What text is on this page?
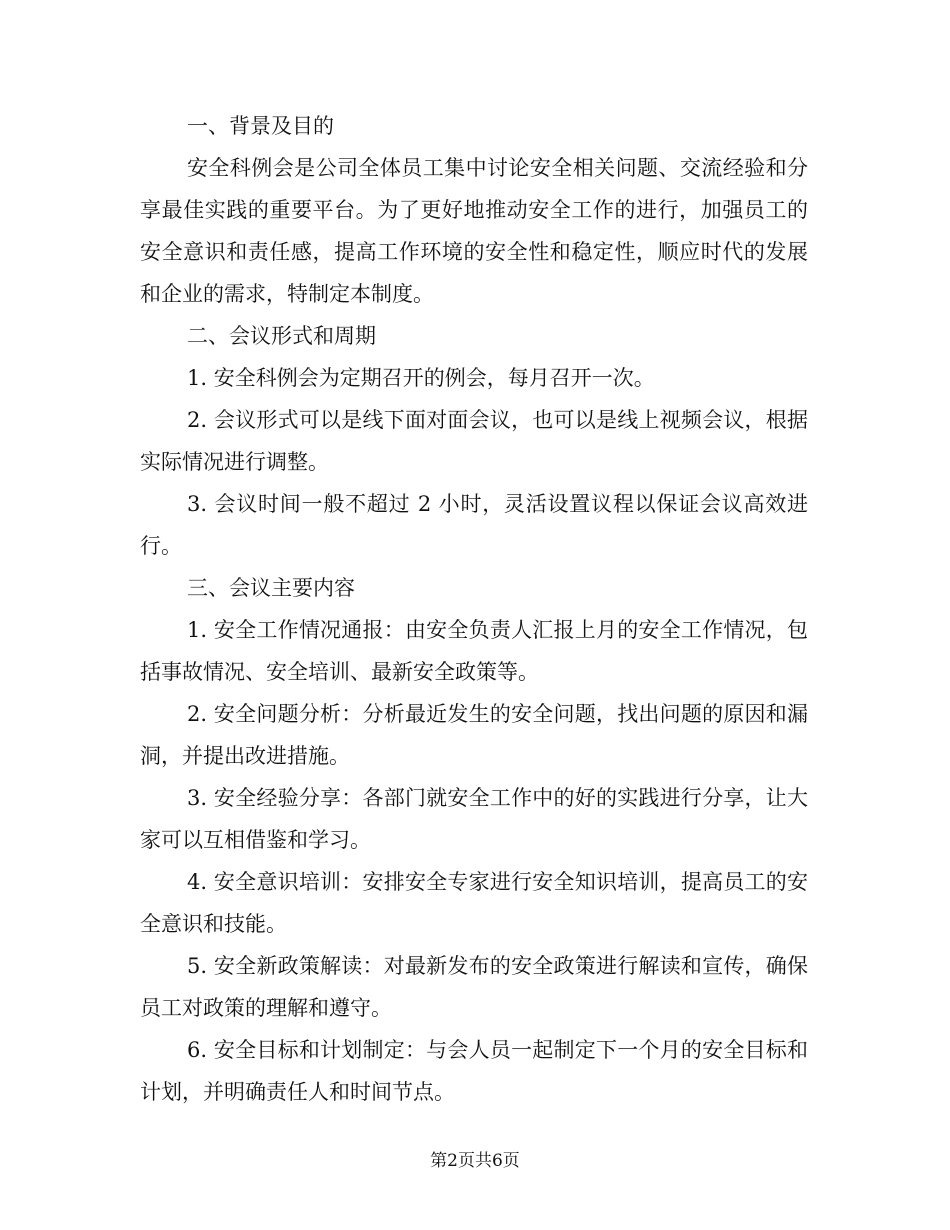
一、背景及目的

安全科例会是公司全体员工集中讨论安全相关问题、交流经验和分享最佳实践的重要平台。为了更好地推动安全工作的进行，加强员工的安全意识和责任感，提高工作环境的安全性和稳定性，顺应时代的发展和企业的需求，特制定本制度。

二、会议形式和周期

1. 安全科例会为定期召开的例会，每月召开一次。

2. 会议形式可以是线下面对面会议，也可以是线上视频会议，根据实际情况进行调整。

3. 会议时间一般不超过 2 小时，灵活设置议程以保证会议高效进行。

三、会议主要内容

1. 安全工作情况通报：由安全负责人汇报上月的安全工作情况，包括事故情况、安全培训、最新安全政策等。

2. 安全问题分析：分析最近发生的安全问题，找出问题的原因和漏洞，并提出改进措施。

3. 安全经验分享：各部门就安全工作中的好的实践进行分享，让大家可以互相借鉴和学习。

4. 安全意识培训：安排安全专家进行安全知识培训，提高员工的安全意识和技能。

5. 安全新政策解读：对最新发布的安全政策进行解读和宣传，确保员工对政策的理解和遵守。

6. 安全目标和计划制定：与会人员一起制定下一个月的安全目标和计划，并明确责任人和时间节点。

第2页共6页
